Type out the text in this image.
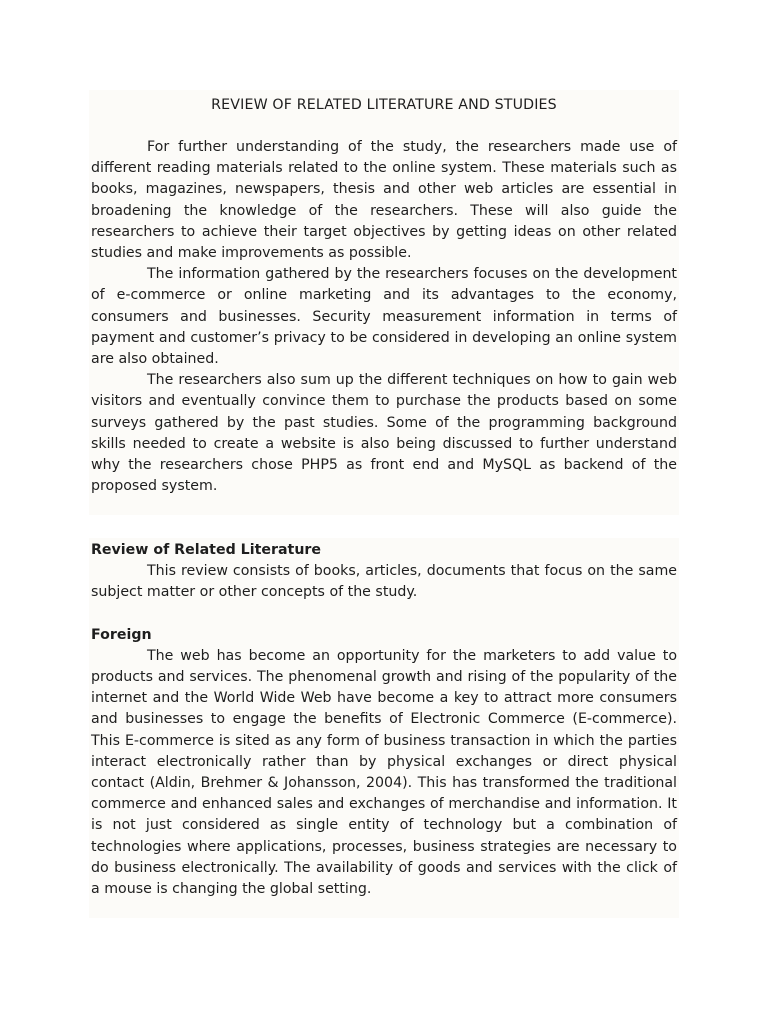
REVIEW OF RELATED LITERATURE AND STUDIES

For further understanding of the study, the researchers made use of different reading materials related to the online system. These materials such as books, magazines, newspapers, thesis and other web articles are essential in broadening the knowledge of the researchers. These will also guide the researchers to achieve their target objectives by getting ideas on other related studies and make improvements as possible.

The information gathered by the researchers focuses on the development of e-commerce or online marketing and its advantages to the economy, consumers and businesses. Security measurement information in terms of payment and customer’s privacy to be considered in developing an online system are also obtained.

The researchers also sum up the different techniques on how to gain web visitors and eventually convince them to purchase the products based on some surveys gathered by the past studies. Some of the programming background skills needed to create a website is also being discussed to further understand why the researchers chose PHP5 as front end and MySQL as backend of the proposed system.

Review of Related Literature

This review consists of books, articles, documents that focus on the same subject matter or other concepts of the study.

Foreign

The web has become an opportunity for the marketers to add value to products and services. The phenomenal growth and rising of the popularity of the internet and the World Wide Web have become a key to attract more consumers and businesses to engage the benefits of Electronic Commerce (E-commerce). This E-commerce is sited as any form of business transaction in which the parties interact electronically rather than by physical exchanges or direct physical contact (Aldin, Brehmer & Johansson, 2004). This has transformed the traditional commerce and enhanced sales and exchanges of merchandise and information. It is not just considered as single entity of technology but a combination of technologies where applications, processes, business strategies are necessary to do business electronically. The availability of goods and services with the click of a mouse is changing the global setting.
